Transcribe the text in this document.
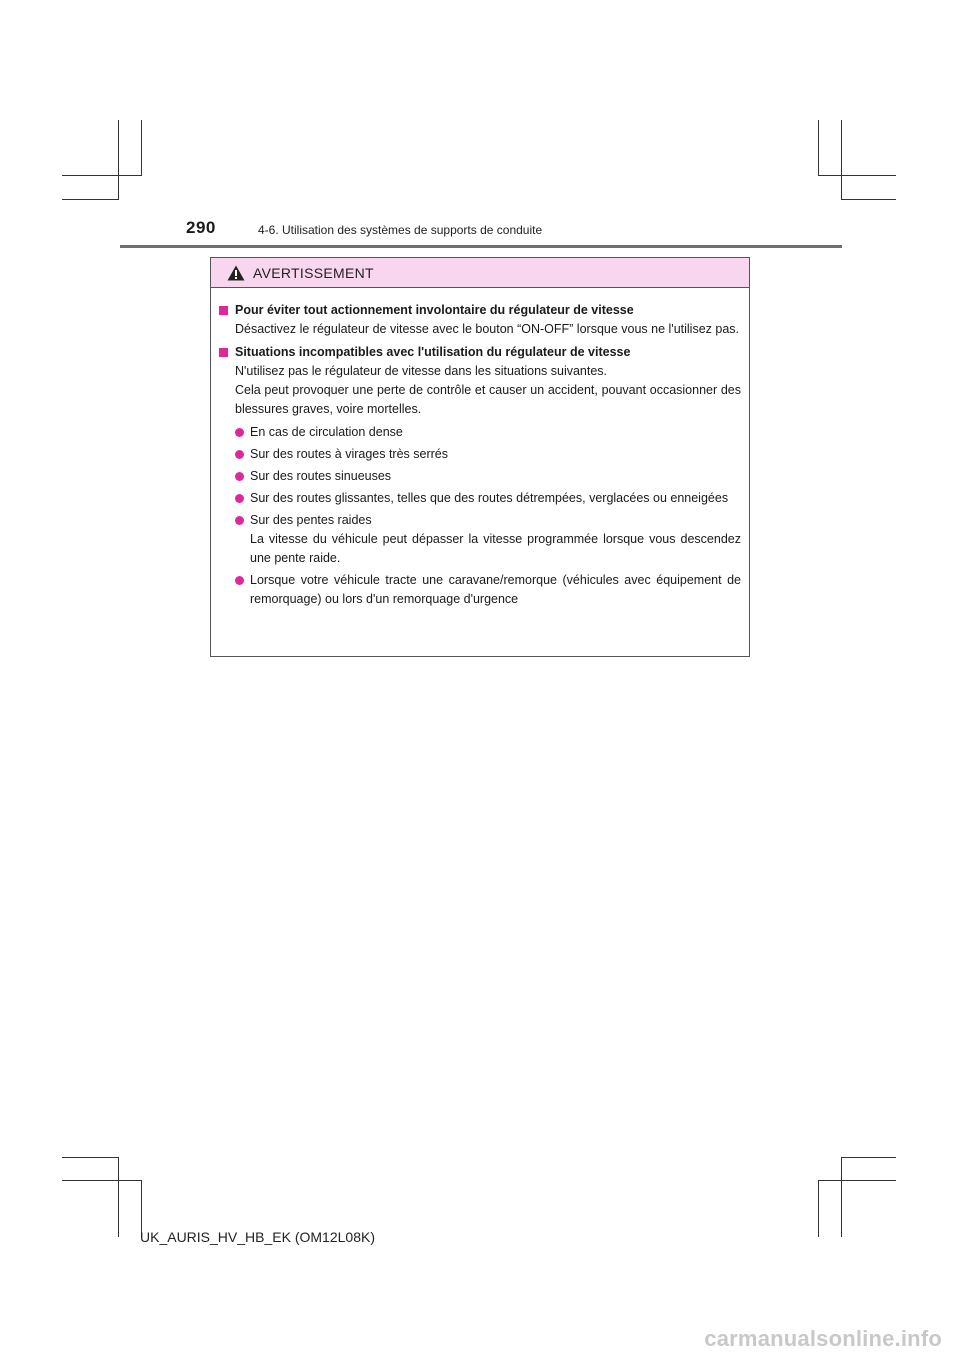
290	4-6. Utilisation des systèmes de supports de conduite
AVERTISSEMENT
Pour éviter tout actionnement involontaire du régulateur de vitesse
Désactivez le régulateur de vitesse avec le bouton “ON-OFF” lorsque vous ne l'utilisez pas.
Situations incompatibles avec l'utilisation du régulateur de vitesse
N'utilisez pas le régulateur de vitesse dans les situations suivantes.
Cela peut provoquer une perte de contrôle et causer un accident, pouvant occasionner des blessures graves, voire mortelles.
En cas de circulation dense
Sur des routes à virages très serrés
Sur des routes sinueuses
Sur des routes glissantes, telles que des routes détrempées, verglacées ou enneigées
Sur des pentes raides
La vitesse du véhicule peut dépasser la vitesse programmée lorsque vous descendez une pente raide.
Lorsque votre véhicule tracte une caravane/remorque (véhicules avec équipement de remorquage) ou lors d'un remorquage d'urgence
UK_AURIS_HV_HB_EK (OM12L08K)
carmanualsonline.info
